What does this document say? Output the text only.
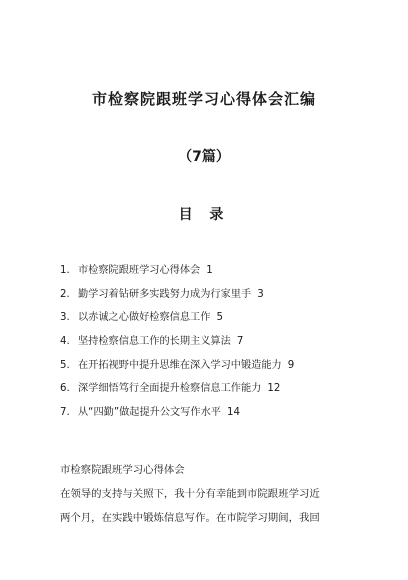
市检察院跟班学习心得体会汇编
（7篇）
目 录
1. 市检察院跟班学习心得体会 1
2. 勤学习着钻研多实践努力成为行家里手 3
3. 以赤诚之心做好检察信息工作 5
4. 坚持检察信息工作的长期主义算法 7
5. 在开拓视野中提升思维在深入学习中锻造能力 9
6. 深学细悟笃行全面提升检察信息工作能力 12
7. 从“四勤”做起提升公文写作水平 14

市检察院跟班学习心得体会

在领导的支持与关照下，我十分有幸能到市院跟班学习近

两个月，在实践中锻炼信息写作。在市院学习期间，我回
